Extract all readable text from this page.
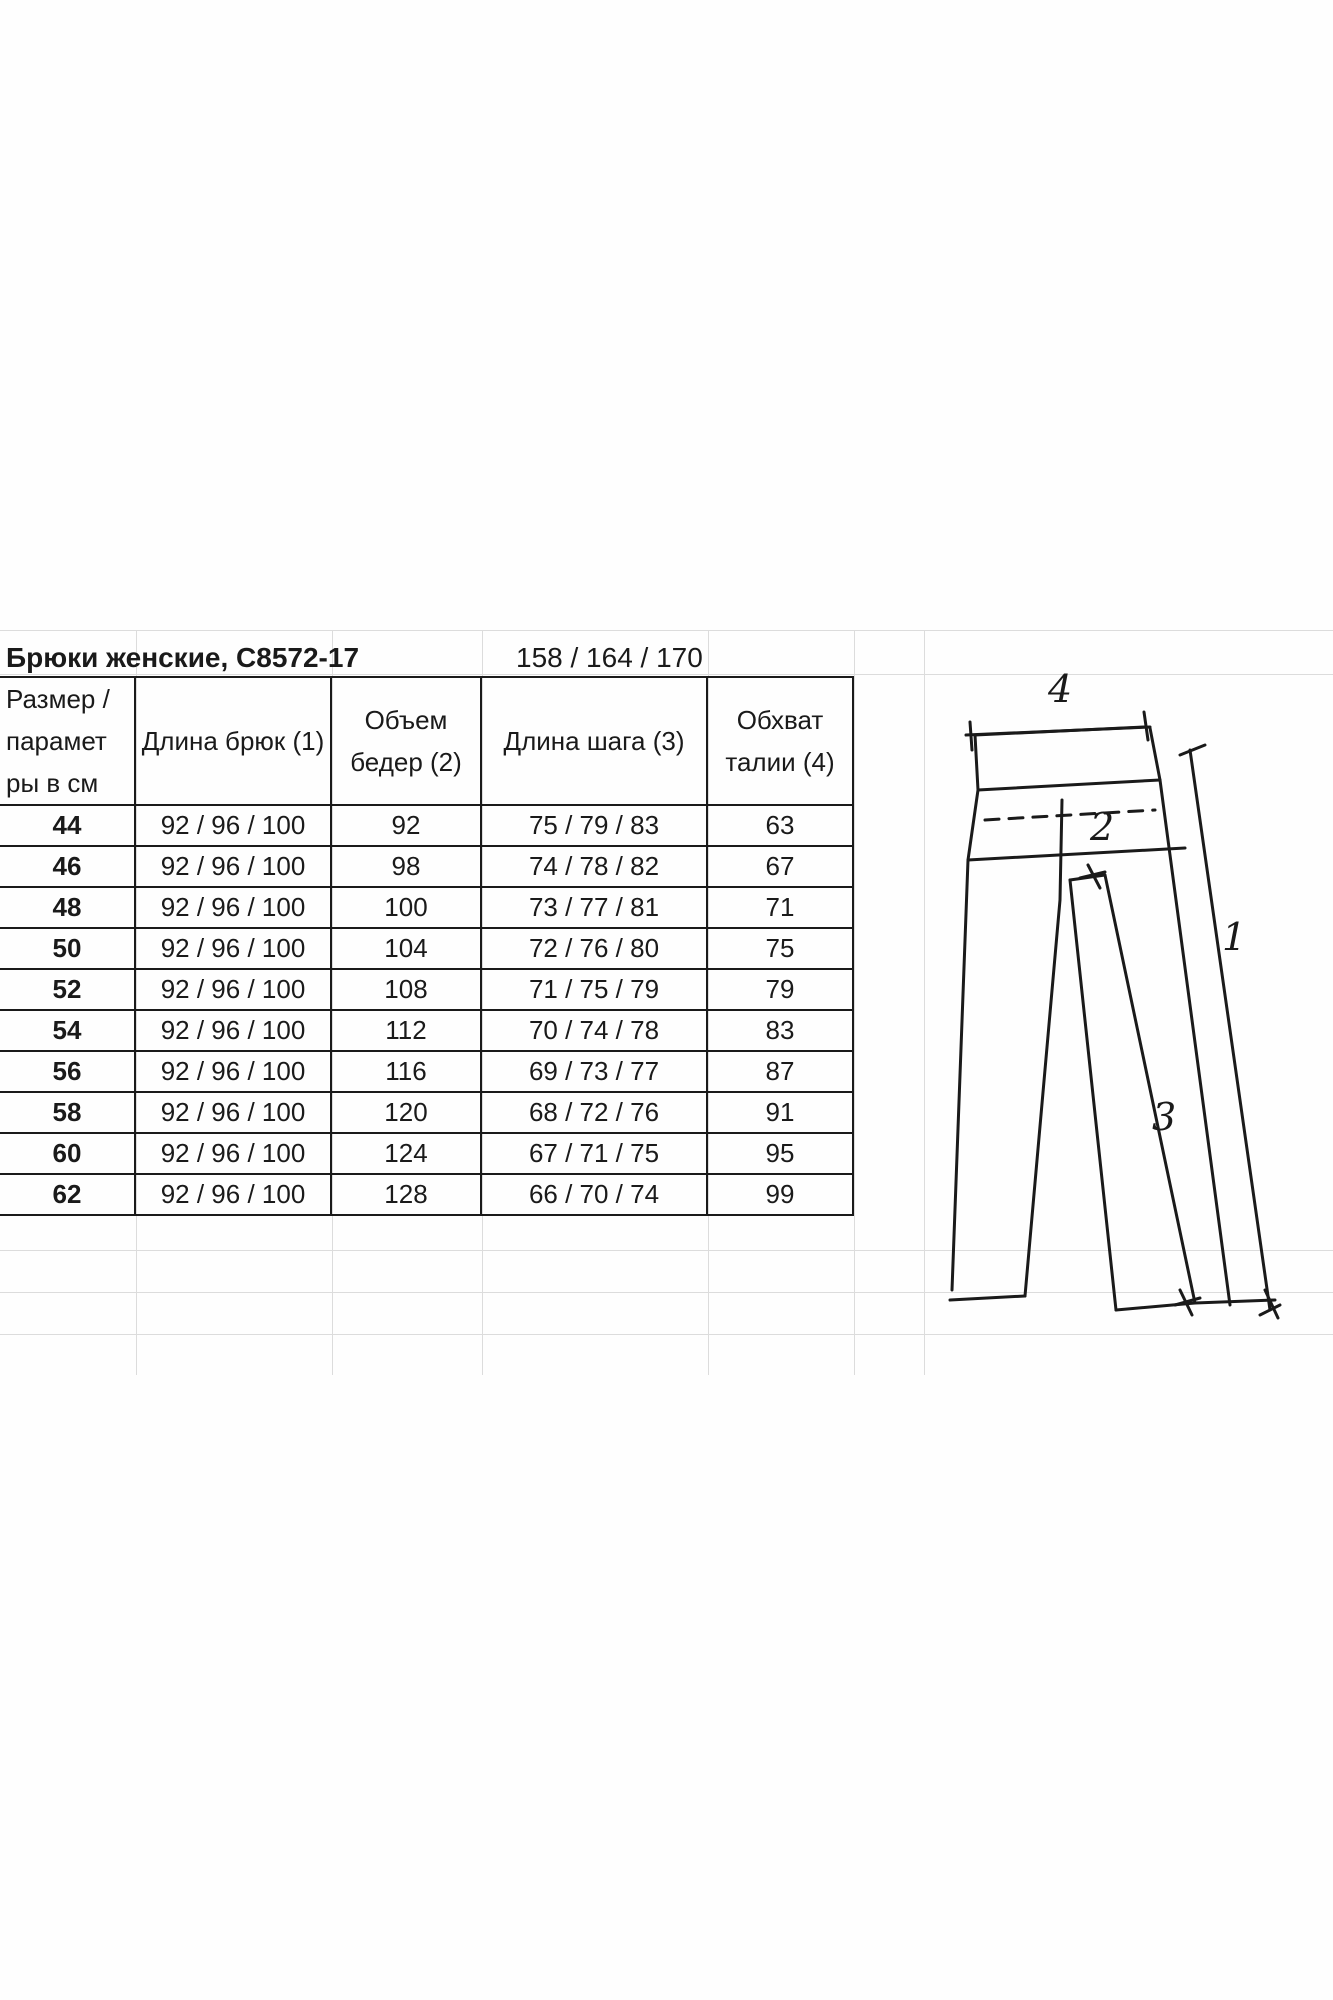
Брюки женские, С8572-17	158 / 164 / 170
Размер / парамет ры в см	Длина брюк (1)	Объем бедер (2)	Длина шага (3)	Обхват талии (4)
44	92 / 96 / 100	92	75 / 79 / 83	63
46	92 / 96 / 100	98	74 / 78 / 82	67
48	92 / 96 / 100	100	73 / 77 / 81	71
50	92 / 96 / 100	104	72 / 76 / 80	75
52	92 / 96 / 100	108	71 / 75 / 79	79
54	92 / 96 / 100	112	70 / 74 / 78	83
56	92 / 96 / 100	116	69 / 73 / 77	87
58	92 / 96 / 100	120	68 / 72 / 76	91
60	92 / 96 / 100	124	67 / 71 / 75	95
62	92 / 96 / 100	128	66 / 70 / 74	99
4
2
1
3
